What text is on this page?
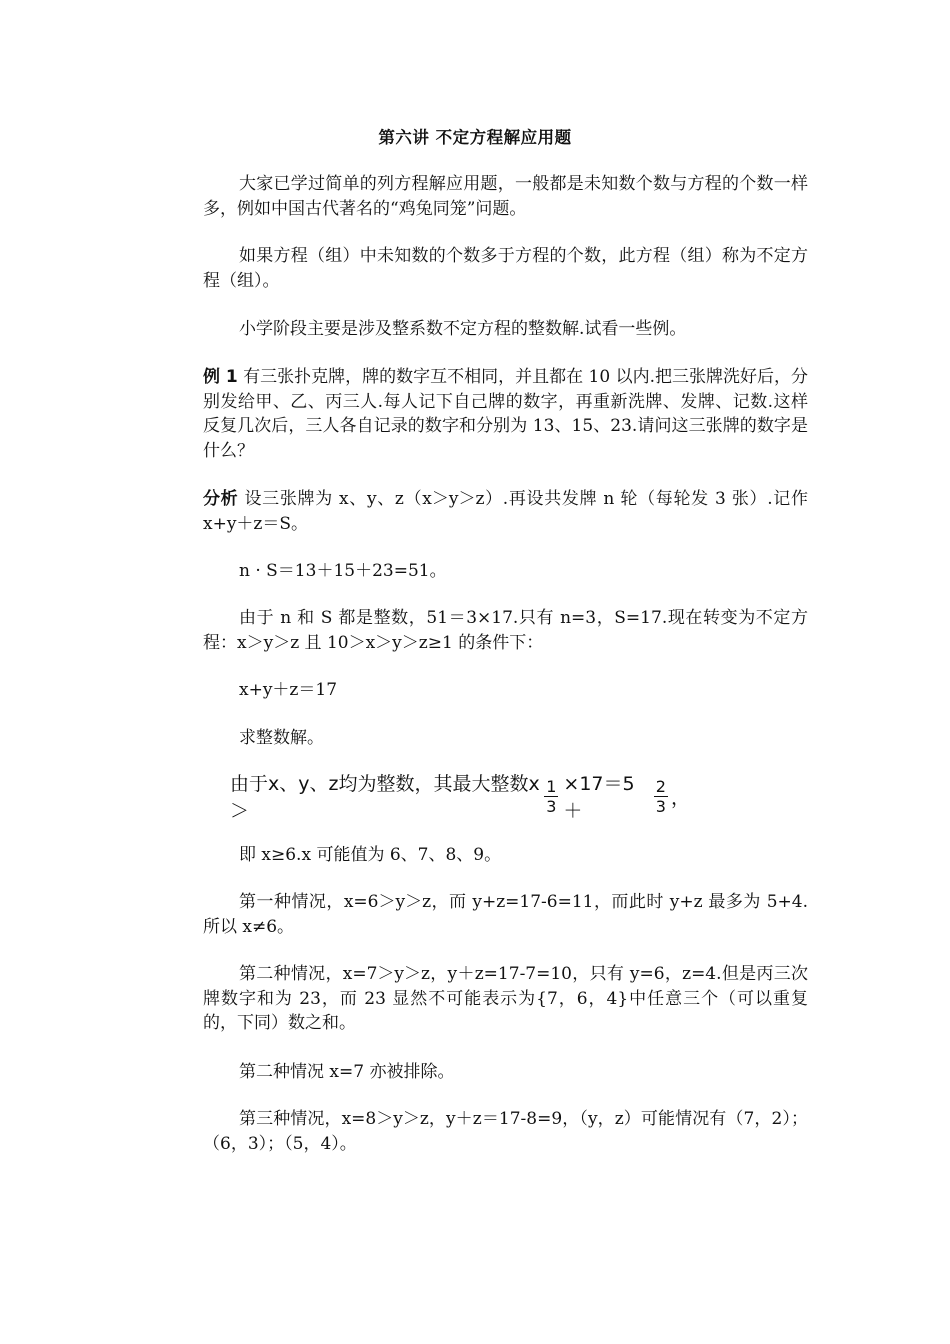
第六讲 不定方程解应用题
大家已学过简单的列方程解应用题，一般都是未知数个数与方程的个数一样多，例如中国古代著名的“鸡兔同笼”问题。
如果方程（组）中未知数的个数多于方程的个数，此方程（组）称为不定方程（组）。
小学阶段主要是涉及整系数不定方程的整数解.试看一些例。
例 1 有三张扑克牌，牌的数字互不相同，并且都在 10 以内.把三张牌洗好后，分别发给甲、乙、丙三人.每人记下自己牌的数字，再重新洗牌、发牌、记数.这样反复几次后，三人各自记录的数字和分别为 13、15、23.请问这三张牌的数字是什么？
分析 设三张牌为 x、y、z（x＞y＞z）.再设共发牌 n 轮（每轮发 3 张）.记作 x+y＋z＝S。
n · S＝13＋15＋23=51。
由于 n 和 S 都是整数，51＝3×17.只有 n=3，S=17.现在转变为不定方程：x＞y＞z 且 10＞x＞y＞z≥1 的条件下：
x+y＋z＝17
求整数解。
由于x、y、z均为整数，其最大整数x＞	$\frac{1}{3} \times 17=5+$	$\frac{2}{3}$ ，
即 x≥6.x 可能值为 6、7、8、9。
第一种情况，x=6＞y＞z，而 y+z=17-6=11，而此时 y+z 最多为 5+4.所以 x≠6。
第二种情况，x=7＞y＞z，y＋z=17-7=10，只有 y=6，z=4.但是丙三次牌数字和为 23，而 23 显然不可能表示为{7，6，4}中任意三个（可以重复的，下同）数之和。
第二种情况 x=7 亦被排除。
第三种情况，x=8＞y＞z，y＋z＝17-8=9，（y，z）可能情况有（7，2）；（6，3）；（5，4）。
